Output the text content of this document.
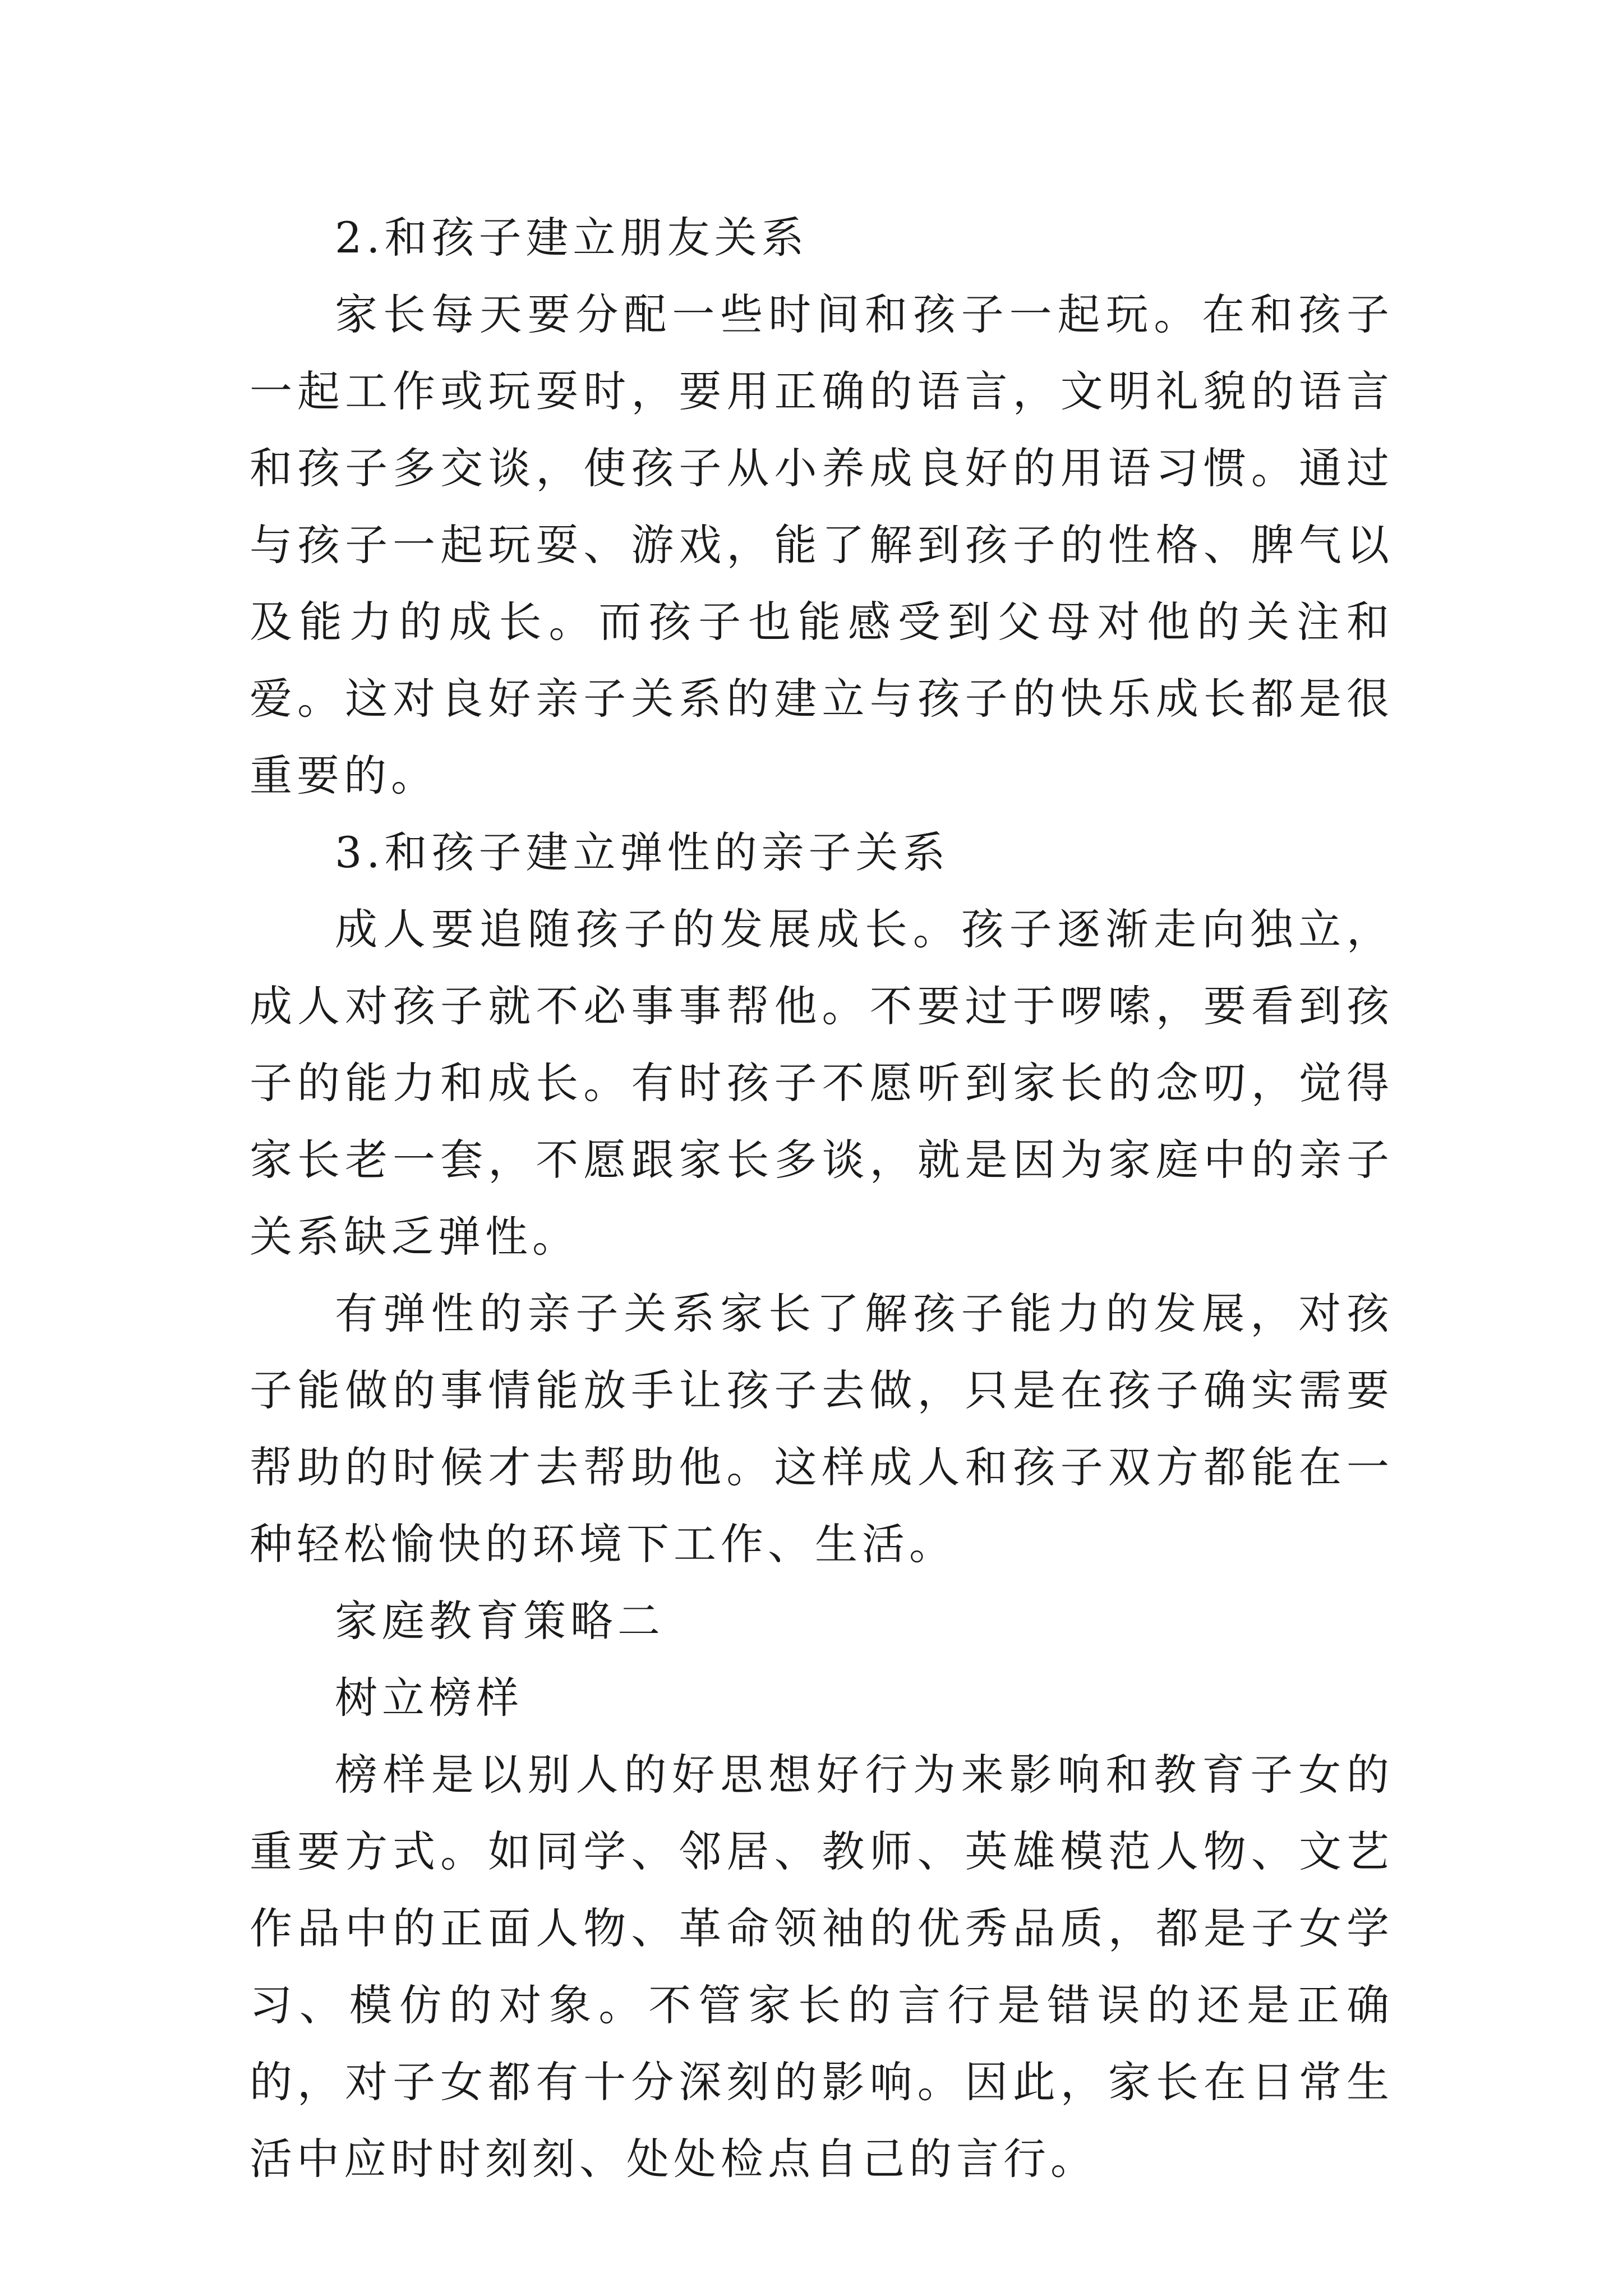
2.和孩子建立朋友关系

家长每天要分配一些时间和孩子一起玩。在和孩子一起工作或玩耍时，要用正确的语言，文明礼貌的语言和孩子多交谈，使孩子从小养成良好的用语习惯。通过与孩子一起玩耍、游戏，能了解到孩子的性格、脾气以及能力的成长。而孩子也能感受到父母对他的关注和爱。这对良好亲子关系的建立与孩子的快乐成长都是很重要的。

3.和孩子建立弹性的亲子关系

成人要追随孩子的发展成长。孩子逐渐走向独立，成人对孩子就不必事事帮他。不要过于啰嗦，要看到孩子的能力和成长。有时孩子不愿听到家长的念叨，觉得家长老一套，不愿跟家长多谈，就是因为家庭中的亲子关系缺乏弹性。

有弹性的亲子关系家长了解孩子能力的发展，对孩子能做的事情能放手让孩子去做，只是在孩子确实需要帮助的时候才去帮助他。这样成人和孩子双方都能在一种轻松愉快的环境下工作、生活。

家庭教育策略二

树立榜样

榜样是以别人的好思想好行为来影响和教育子女的重要方式。如同学、邻居、教师、英雄模范人物、文艺作品中的正面人物、革命领袖的优秀品质，都是子女学习、模仿的对象。不管家长的言行是错误的还是正确的，对子女都有十分深刻的影响。因此，家长在日常生活中应时时刻刻、处处检点自己的言行。
